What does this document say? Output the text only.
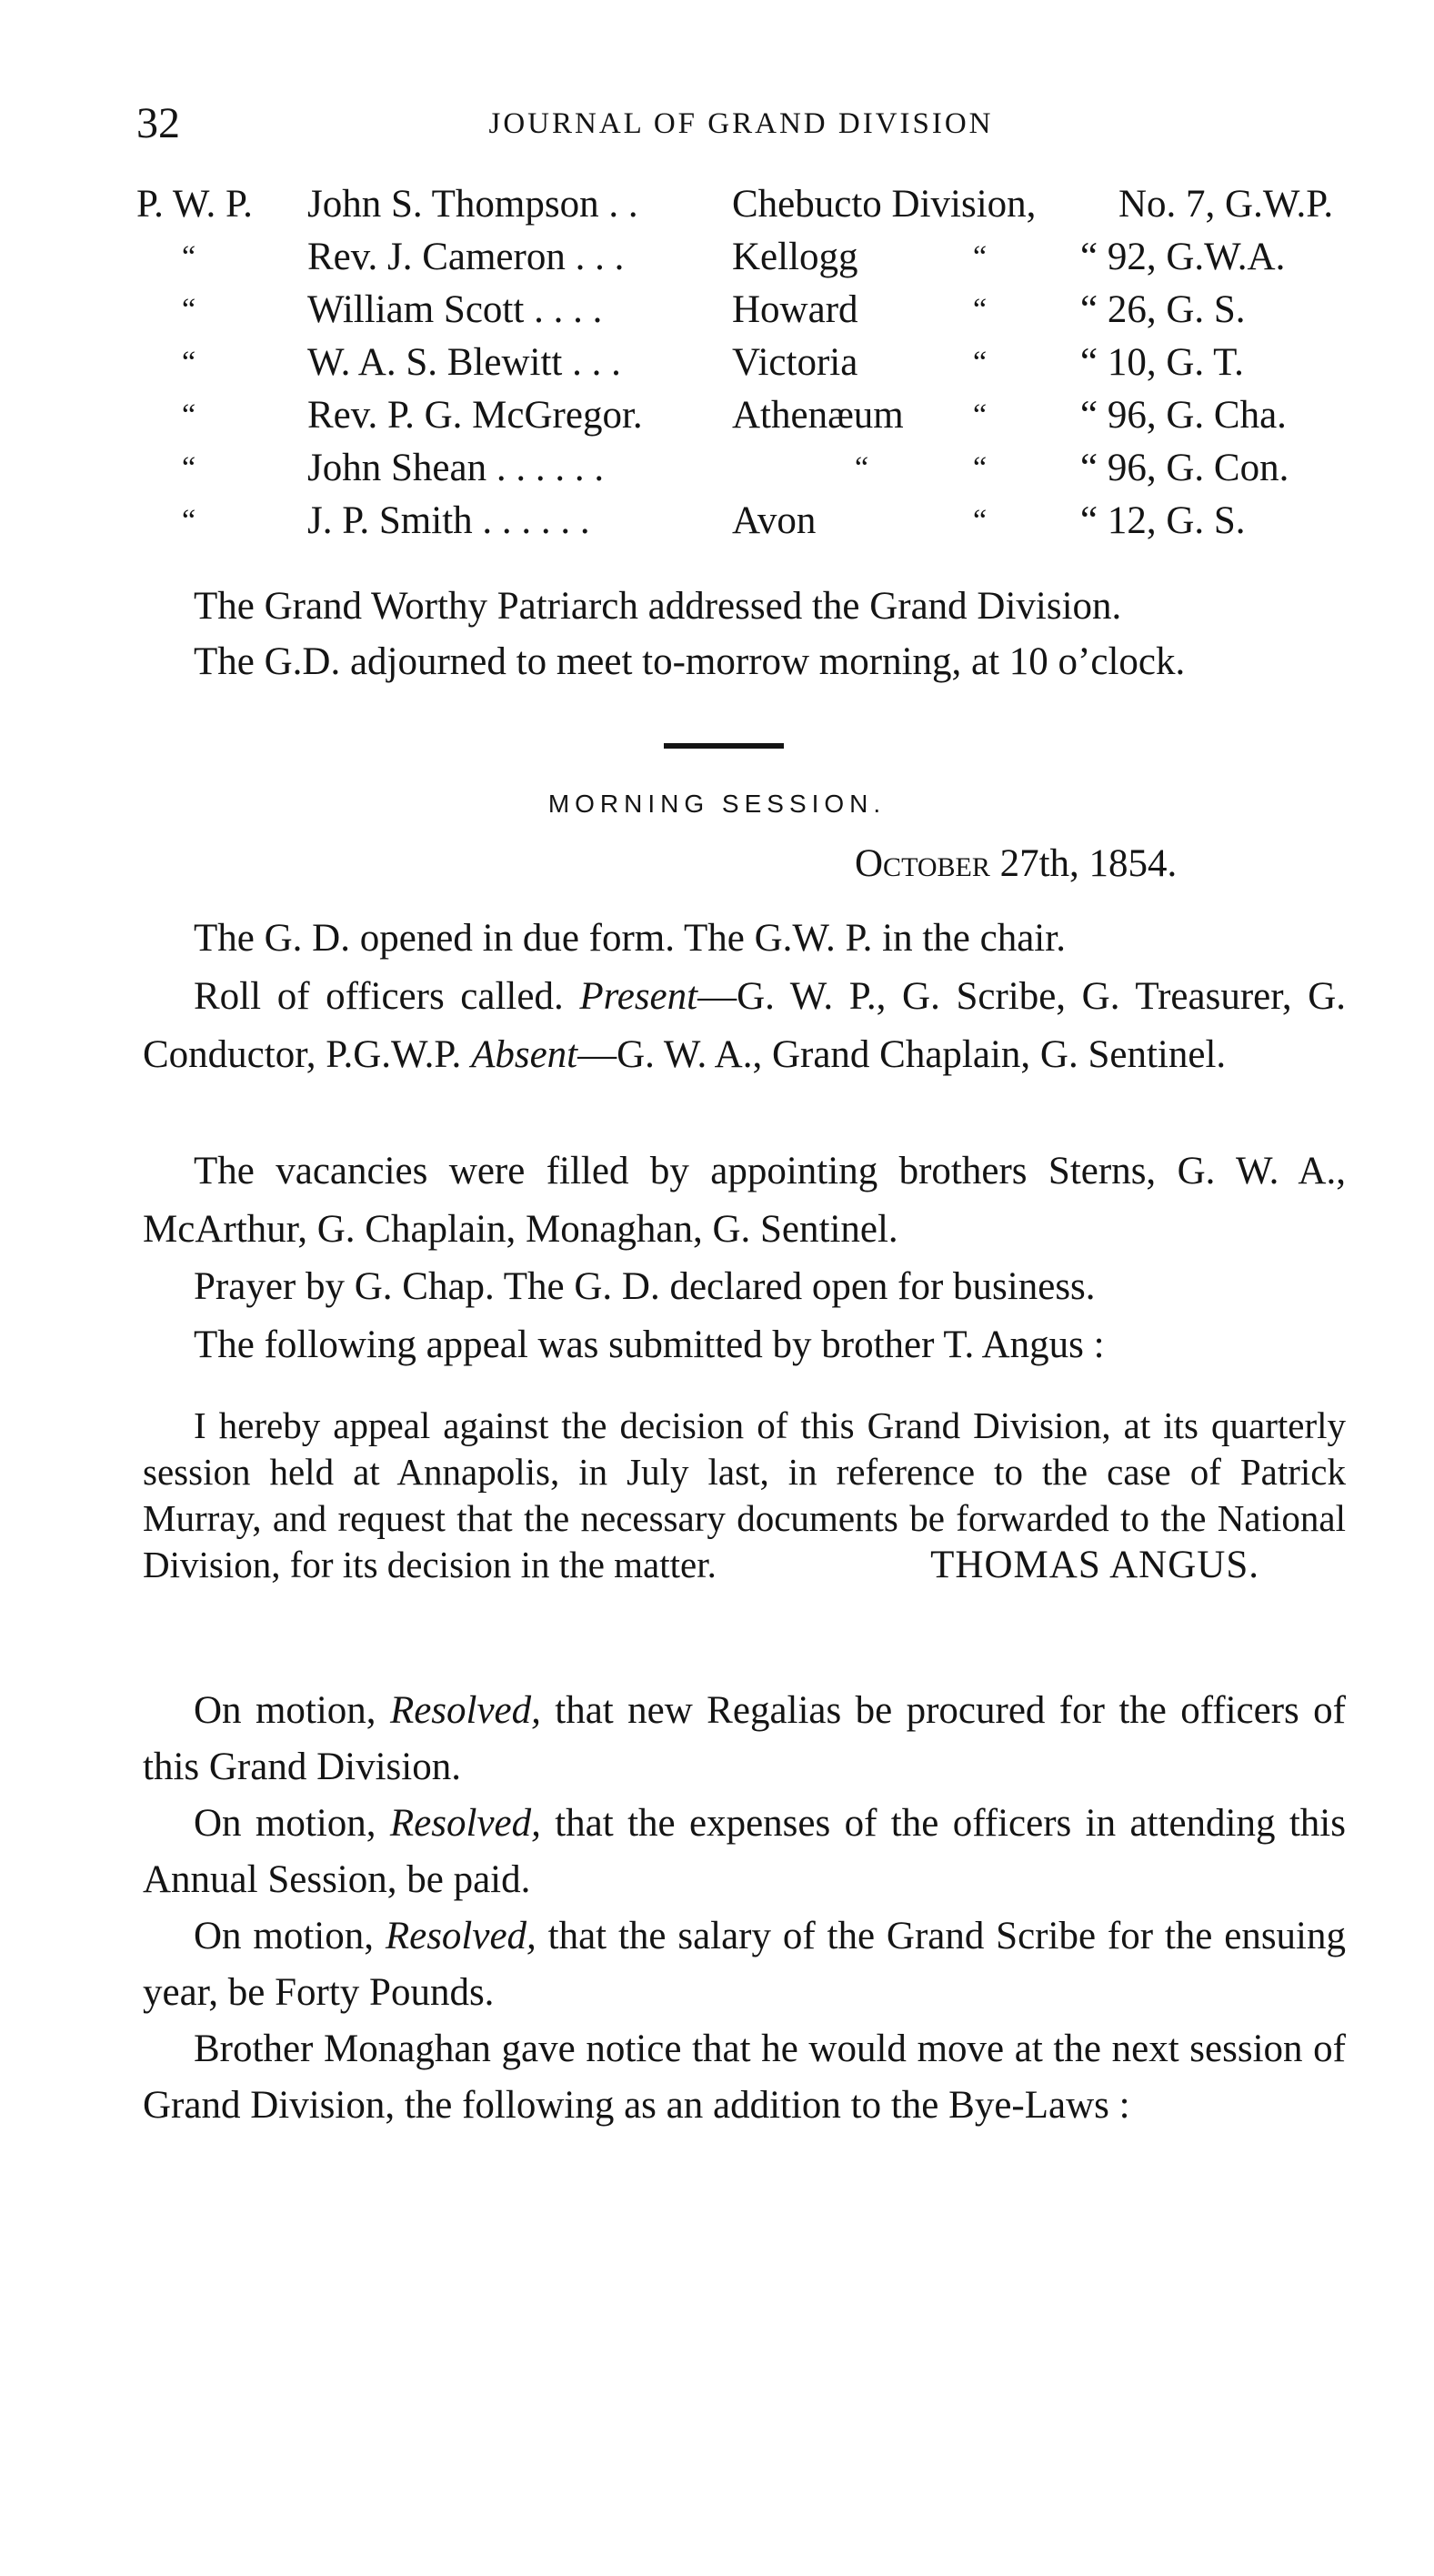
32	JOURNAL OF GRAND DIVISION
P. W. P. John S. Thompson . .	Chebucto Division, No. 7, G.W.P.
“	Rev. J. Cameron . . .	Kellogg	“ “ 92, G.W.A.
“	William Scott . . . .	Howard	“ “ 26, G. S.
“	W. A. S. Blewitt . . .	Victoria	“ “ 10, G. T.
“	Rev. P. G. McGregor.	Athenæum “ “ 96, G. Cha.
“	John Shean . . . . . .	“	“ “ 96, G. Con.
“	J. P. Smith . . . . . .	Avon	“ “ 12, G. S.
The Grand Worthy Patriarch addressed the Grand Division.
The G.D. adjourned to meet to-morrow morning, at 10 o’clock.
MORNING SESSION.
October 27th, 1854.
The G. D. opened in due form. The G.W. P. in the chair.
Roll of officers called. Present—G. W. P., G. Scribe, G. Treasurer, G. Conductor, P.G.W.P. Absent—G. W. A., Grand Chaplain, G. Sentinel.
The vacancies were filled by appointing brothers Sterns, G. W. A., McArthur, G. Chaplain, Monaghan, G. Sentinel.
Prayer by G. Chap. The G. D. declared open for business.
The following appeal was submitted by brother T. Angus :
I hereby appeal against the decision of this Grand Division, at its quarterly session held at Annapolis, in July last, in reference to the case of Patrick Murray, and request that the necessary documents be forwarded to the National Division, for its decision in the matter.	THOMAS ANGUS.

On motion, Resolved, that new Regalias be procured for the officers of this Grand Division.

On motion, Resolved, that the expenses of the officers in attending this Annual Session, be paid.

On motion, Resolved, that the salary of the Grand Scribe for the ensuing year, be Forty Pounds.

Brother Monaghan gave notice that he would move at the next session of Grand Division, the following as an addition to the Bye-Laws :
